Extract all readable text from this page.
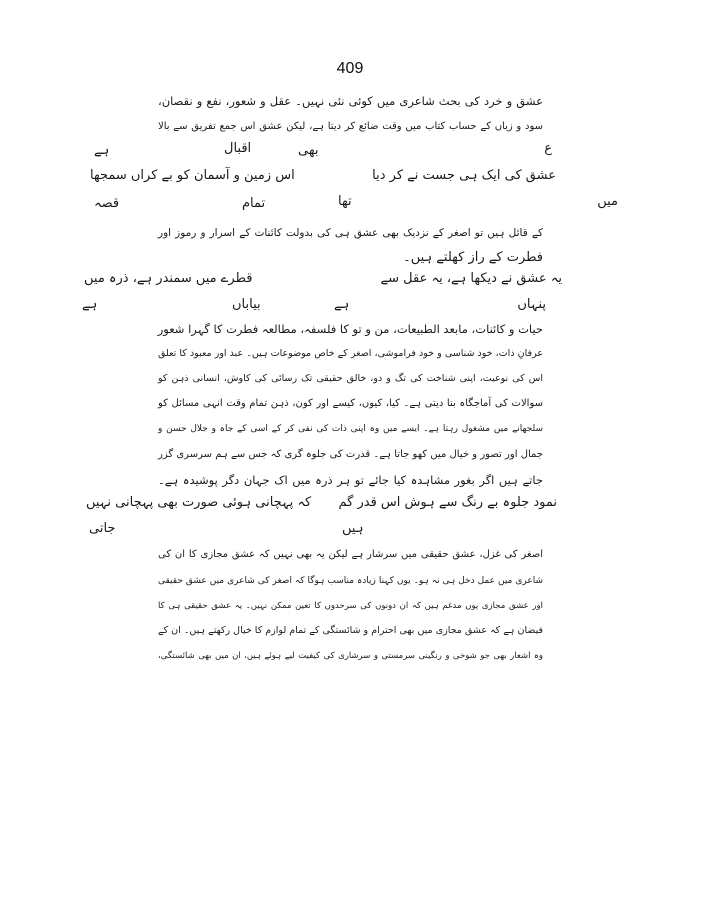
409
عشق و خرد کی بحث شاعری میں کوئی نئی نہیں۔ عقل و شعور، نفع و نقصان،
سود و زیاں کے حساب کتاب میں وقت ضائع کر دیتا ہے، لیکن عشق اس جمع تفریق سے بالا
ع
بھی
اقبال
ہے
عشق کی ایک ہی جست نے کر دیا
اس زمین و آسمان کو بے کراں سمجھا
میں
تھا
تمام
قصہ
کے قائل ہیں تو اصغر کے نزدیک بھی عشق ہی کی بدولت کائنات کے اسرار و رموز اور
فطرت کے راز کھلتے ہیں۔
یہ عشق نے دیکھا ہے، یہ عقل سے
قطرے میں سمندر ہے، ذرہ میں
پنہاں
ہے
بیاباں
ہے
حیات و کائنات، مابعد الطبیعات، من و تو کا فلسفہ، مطالعہ فطرت کا گہرا شعور
عرفانِ ذات، خود شناسی و خود فراموشی، اصغر کے خاص موضوعات ہیں۔ عبد اور معبود کا تعلق
اس کی نوعیت، اپنی شناخت کی تگ و دو، خالق حقیقی تک رسائی کی کاوش، انسانی ذہن کو
سوالات کی آماجگاہ بنا دیتی ہے۔ کیا، کیوں، کیسے اور کون، ذہن تمام وقت انہی مسائل کو
سلجھانے میں مشغول رہتا ہے۔ ایسے میں وہ اپنی ذات کی نفی کر کے اسی کے جاہ و جلال حسن و
جمال اور تصور و خیال میں کھو جاتا ہے۔ قدرت کی جلوہ گری کہ جس سے ہم سرسری گزر
جاتے ہیں اگر بغور مشاہدہ کیا جائے تو ہر ذرہ میں اک جہان دگر پوشیدہ ہے۔
نمود جلوہ بے رنگ سے ہوش اس قدر گم
کہ پہچانی ہوئی صورت بھی پہچانی نہیں
ہیں
جاتی
اصغر کی غزل، عشق حقیقی میں سرشار ہے لیکن یہ بھی نہیں کہ عشق مجازی کا ان کی
شاعری میں عمل دخل ہی نہ ہو۔ یوں کہنا زیادہ مناسب ہوگا کہ اصغر کی شاعری میں عشق حقیقی
اور عشق مجازی یوں مدغم ہیں کہ ان دونوں کی سرحدوں کا تعین ممکن نہیں۔ یہ عشق حقیقی ہی کا
فیضان ہے کہ عشق مجازی میں بھی احترام و شائستگی کے تمام لوازم کا خیال رکھتے ہیں۔ ان کے
وہ اشعار بھی جو شوخی و رنگینی سرمستی و سرشاری کی کیفیت لیے ہوئے ہیں، ان میں بھی شائستگی،
